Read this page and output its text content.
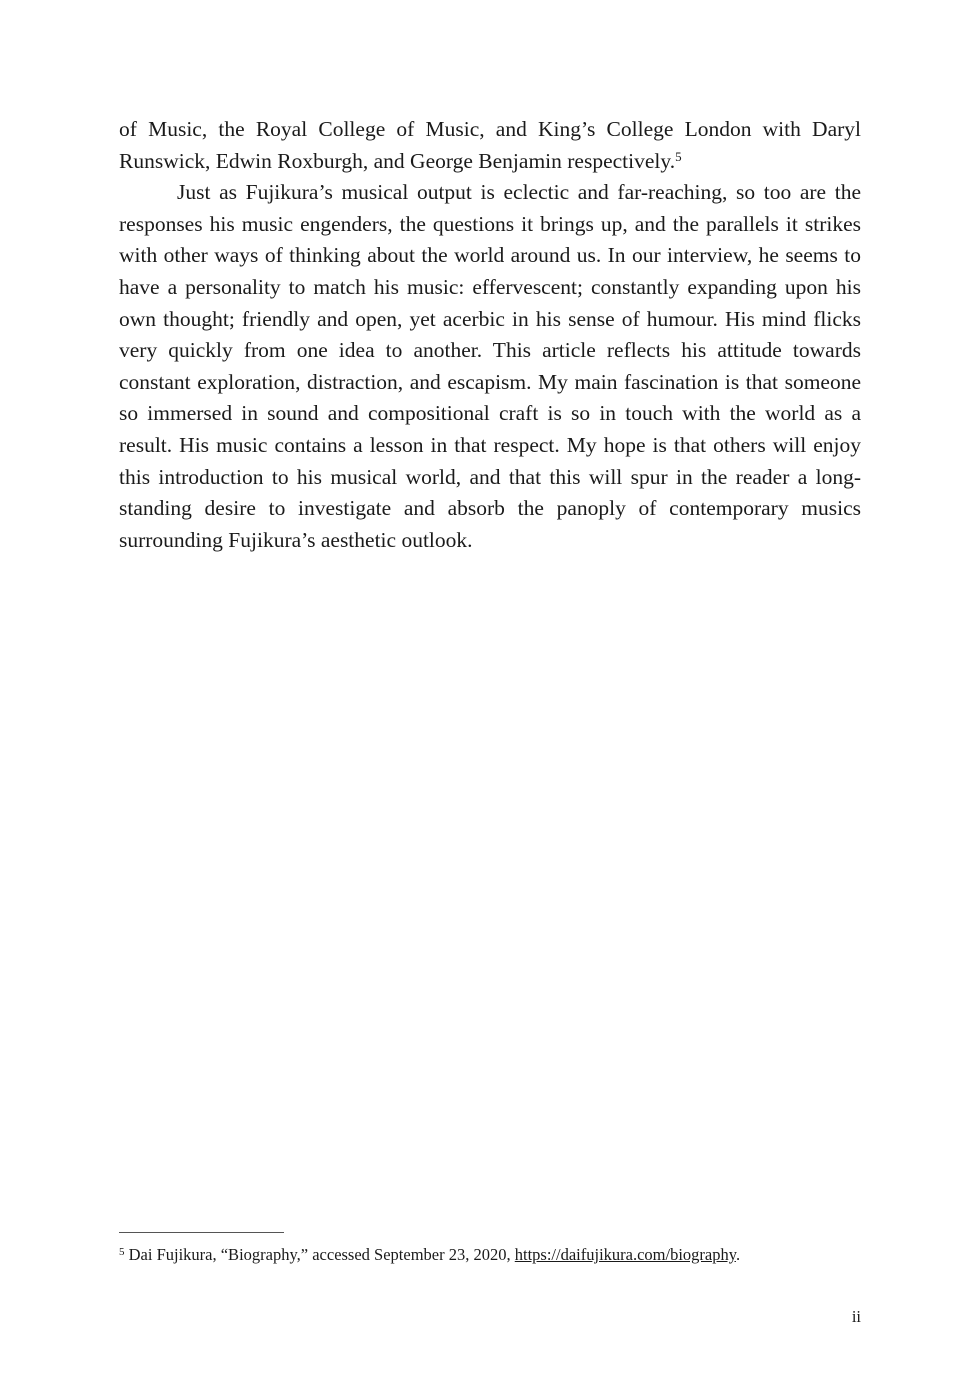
of Music, the Royal College of Music, and King’s College London with Daryl Runswick, Edwin Roxburgh, and George Benjamin respectively.$^5$

Just as Fujikura’s musical output is eclectic and far-reaching, so too are the responses his music engenders, the questions it brings up, and the parallels it strikes with other ways of thinking about the world around us. In our interview, he seems to have a personality to match his music: effervescent; constantly expanding upon his own thought; friendly and open, yet acerbic in his sense of humour. His mind flicks very quickly from one idea to another. This article reflects his attitude towards constant exploration, distraction, and escapism. My main fascination is that someone so immersed in sound and compositional craft is so in touch with the world as a result. His music contains a lesson in that respect. My hope is that others will enjoy this introduction to his musical world, and that this will spur in the reader a long-standing desire to investigate and absorb the panoply of contemporary musics surrounding Fujikura’s aesthetic outlook.

$^5$ Dai Fujikura, “Biography,” accessed September 23, 2020, https://daifujikura.com/biography.
ii
